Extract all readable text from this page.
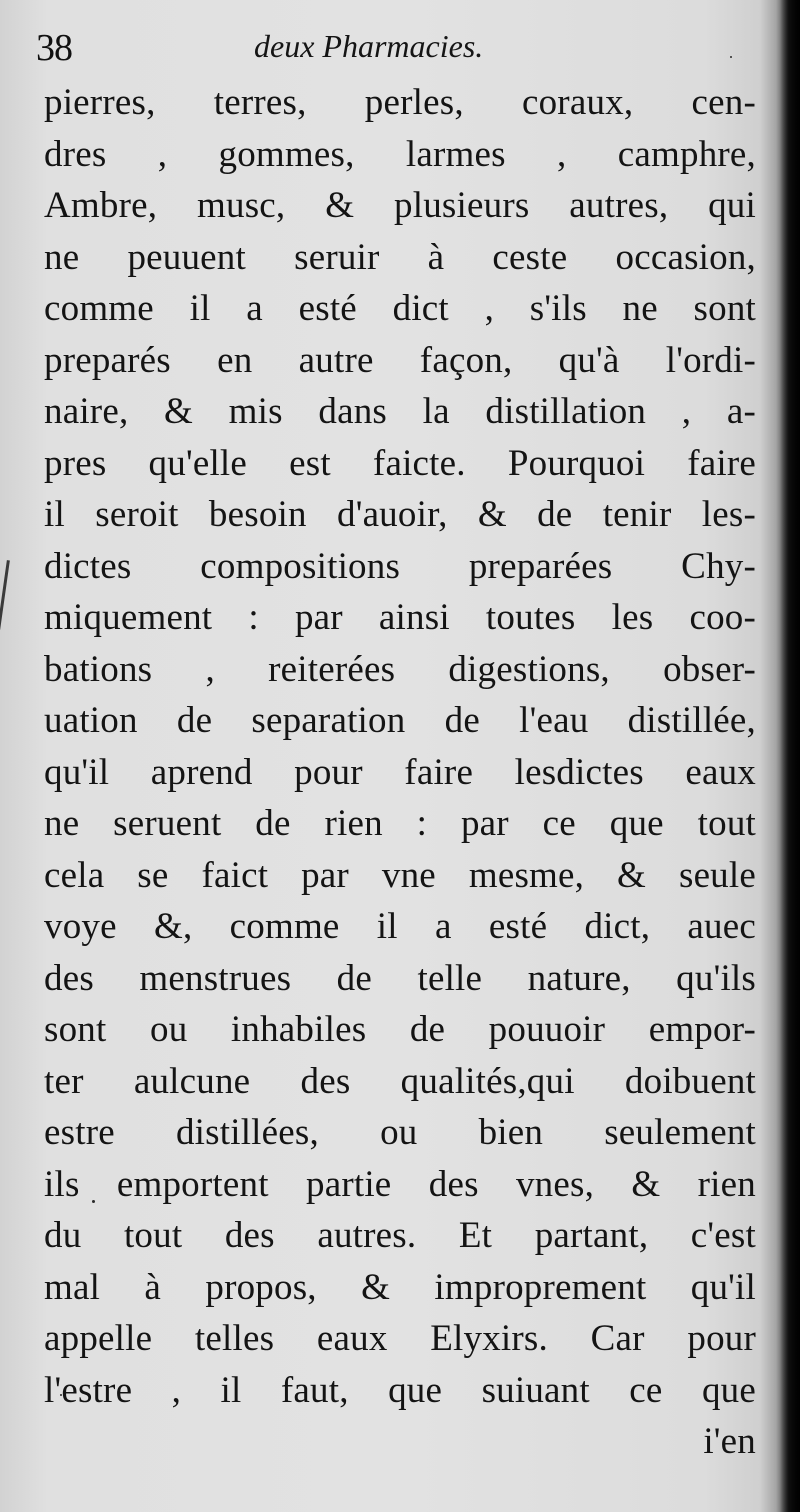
38	deux Pharmacies.
pierres, terres, perles, coraux, cen-
dres , gommes, larmes , camphre,
Ambre, musc, & plusieurs autres, qui
ne peuuent seruir à ceste occasion,
comme il a esté dict , s'ils ne sont
preparés en autre façon, qu'à l'ordi-
naire, & mis dans la distillation , a-
pres qu'elle est faicte. Pourquoi faire
il seroit besoin d'auoir, & de tenir les-
dictes compositions preparées Chy-
miquement : par ainsi toutes les coo-
bations , reiterées digestions, obser-
uation de separation de l'eau distillée,
qu'il aprend pour faire lesdictes eaux
ne seruent de rien : par ce que tout
cela se faict par vne mesme, & seule
voye &, comme il a esté dict, auec
des menstrues de telle nature, qu'ils
sont ou inhabiles de pouuoir empor-
ter aulcune des qualités,qui doibuent
estre distillées, ou bien seulement
ils emportent partie des vnes, & rien
du tout des autres. Et partant, c'est
mal à propos, & improprement qu'il
appelle telles eaux Elyxirs. Car pour
l'estre , il faut, que suiuant ce que
i'en
